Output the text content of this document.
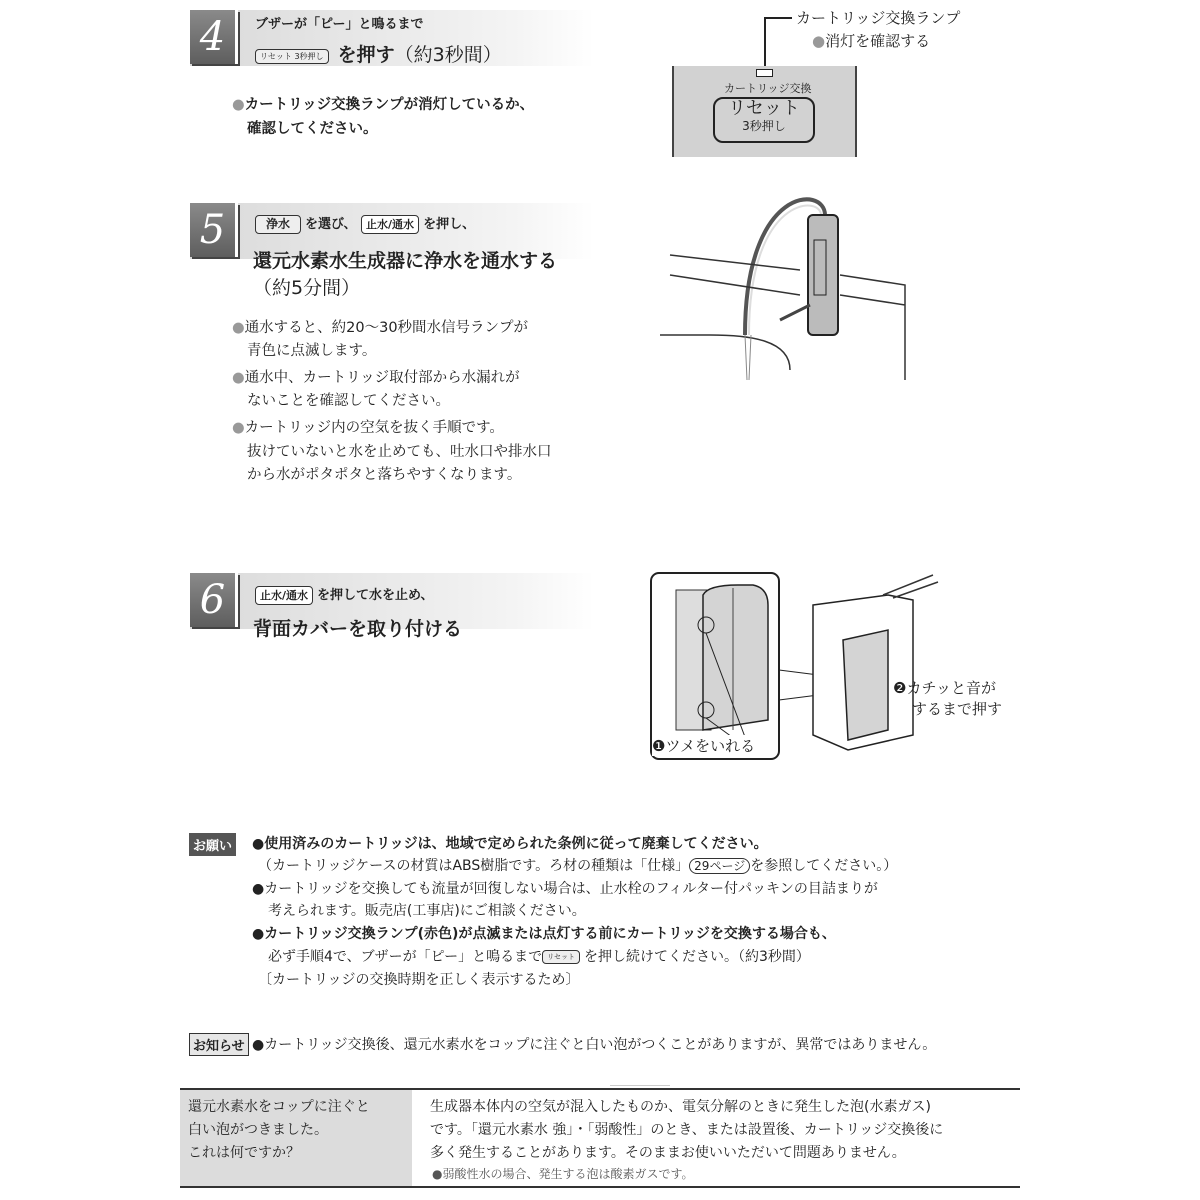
4	ブザーが「ピー」と鳴るまで
リセット 3秒押し を押す（約3秒間）
●カートリッジ交換ランプが消灯しているか、
確認してください。
カートリッジ交換ランプ
●消灯を確認する
カートリッジ交換
リセット
3秒押し
5	浄水 を選び、 止水/通水 を押し、
還元水素水生成器に浄水を通水する
（約5分間）
●通水すると、約20〜30秒間水信号ランプが
青色に点滅します。
●通水中、カートリッジ取付部から水漏れが
ないことを確認してください。
●カートリッジ内の空気を抜く手順です。
抜けていないと水を止めても、吐水口や排水口
から水がポタポタと落ちやすくなります。
6	止水/通水 を押して水を止め、
背面カバーを取り付ける
❶ツメをいれる
❷カチッと音が
するまで押す
お願い ●使用済みのカートリッジは、地域で定められた条例に従って廃棄してください。
（カートリッジケースの材質はABS樹脂です。ろ材の種類は「仕様」 29ページ を参照してください。）
●カートリッジを交換しても流量が回復しない場合は、止水栓のフィルター付パッキンの目詰まりが
考えられます。販売店(工事店)にご相談ください。
●カートリッジ交換ランプ(赤色)が点滅または点灯する前にカートリッジを交換する場合も、
必ず手順4で、ブザーが「ピー」と鳴るまで リセット を押し続けてください。（約3秒間）
〔カートリッジの交換時期を正しく表示するため〕
お知らせ ●カートリッジ交換後、還元水素水をコップに注ぐと白い泡がつくことがありますが、異常ではありません。
還元水素水をコップに注ぐと
白い泡がつきました。
これは何ですか？
生成器本体内の空気が混入したものか、電気分解のときに発生した泡(水素ガス)
です。「還元水素水 強」・「弱酸性」のとき、または設置後、カートリッジ交換後に
多く発生することがあります。そのままお使いいただいて問題ありません。
●弱酸性水の場合、発生する泡は酸素ガスです。
